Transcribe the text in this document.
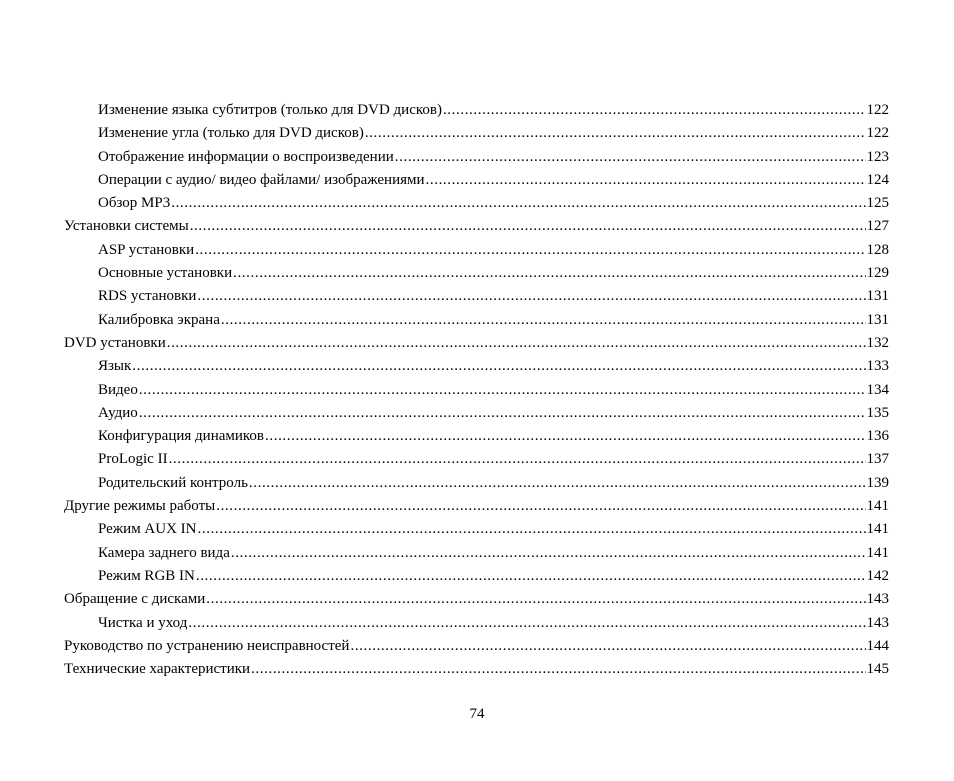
Изменение языка субтитров (только для DVD дисков) .....	122
Изменение угла (только для DVD дисков) .....	122
Отображение информации о воспроизведении .....	123
Операции с аудио/ видео файлами/ изображениями .....	124
Обзор MP3 .....	125
Установки системы .....	127
ASP установки .....	128
Основные установки .....	129
RDS установки .....	131
Калибровка экрана .....	131
DVD установки .....	132
Язык .....	133
Видео .....	134
Аудио .....	135
Конфигурация динамиков .....	136
ProLogic II .....	137
Родительский контроль .....	139
Другие режимы работы .....	141
Режим AUX IN .....	141
Камера заднего вида .....	141
Режим RGB IN .....	142
Обращение с дисками .....	143
Чистка и уход .....	143
Руководство по устранению неисправностей .....	144
Технические характеристики .....	145
74
